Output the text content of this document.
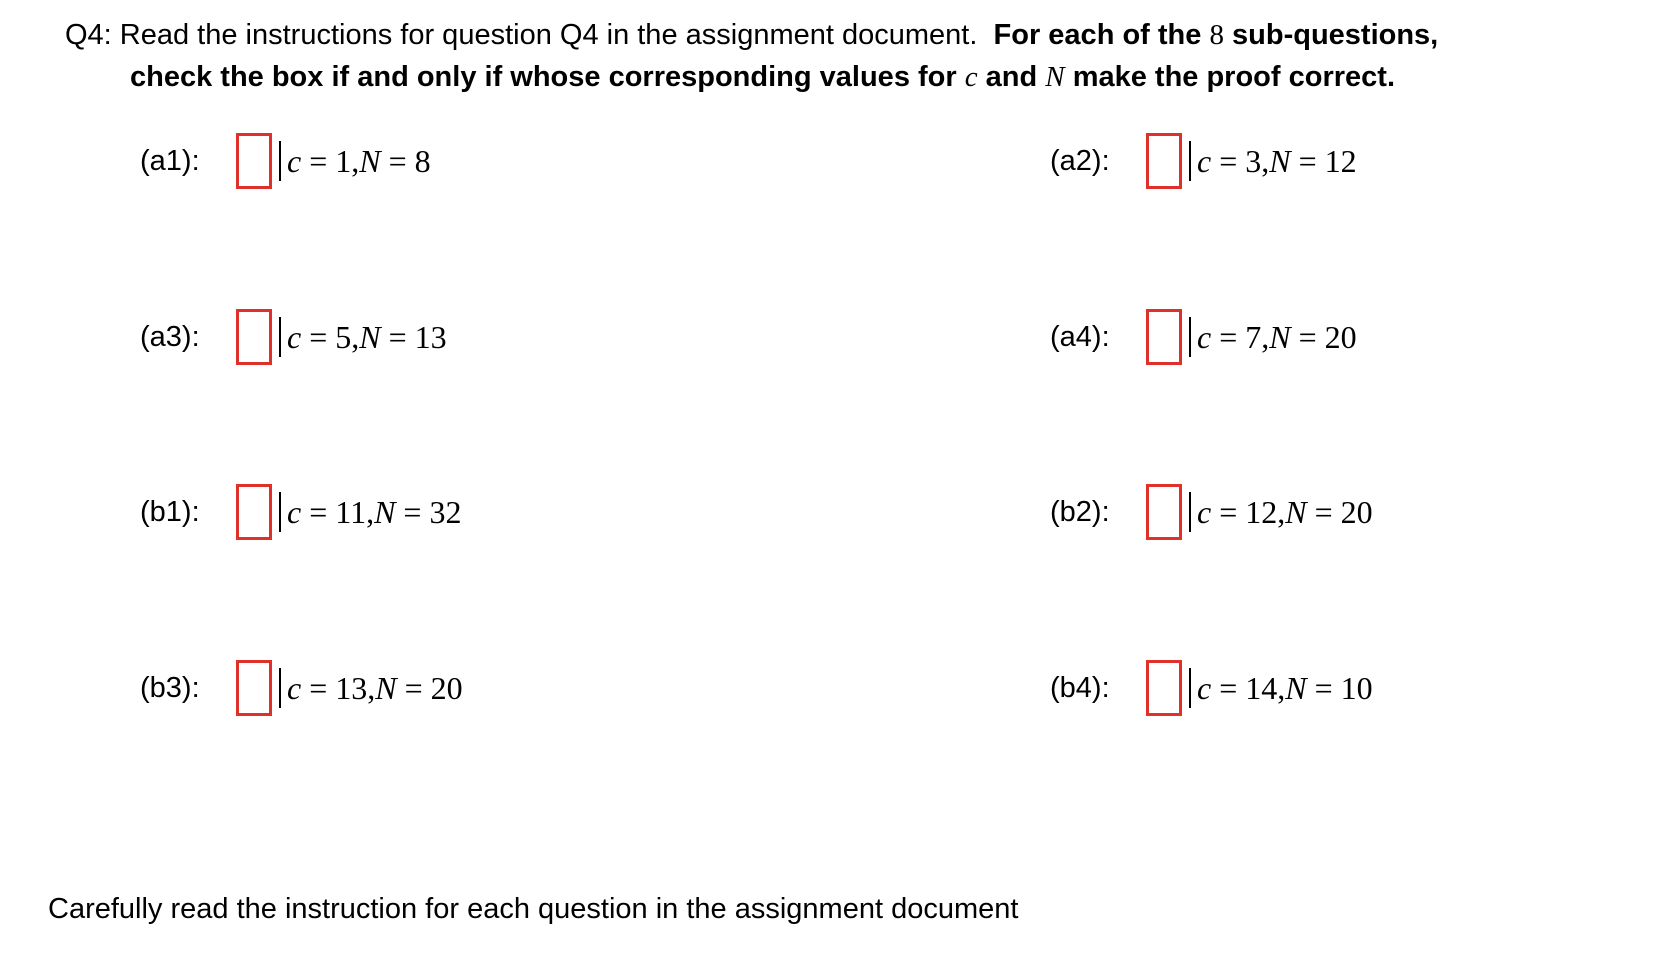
Q4: Read the instructions for question Q4 in the assignment document. For each of the 8 sub-questions,
check the box if and only if whose corresponding values for c and N make the proof correct.
(a1):	c = 1,N = 8	(a2):	c = 3,N = 12
(a3):	c = 5,N = 13	(a4):	c = 7,N = 20
(b1):	c = 11,N = 32	(b2):	c = 12,N = 20
(b3):	c = 13,N = 20	(b4):	c = 14,N = 10
Carefully read the instruction for each question in the assignment document
